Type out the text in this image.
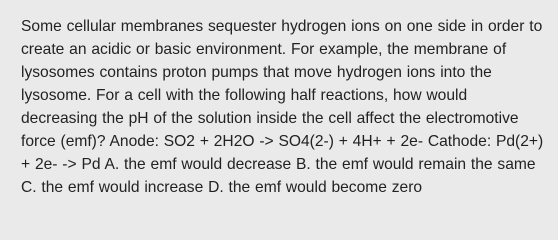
Some cellular membranes sequester hydrogen ions on one side in order to create an acidic or basic environment. For example, the membrane of lysosomes contains proton pumps that move hydrogen ions into the lysosome. For a cell with the following half reactions, how would decreasing the pH of the solution inside the cell affect the electromotive force (emf)? Anode: SO2 + 2H2O -> SO4(2-) + 4H+ + 2e- Cathode: Pd(2+) + 2e- -> Pd A. the emf would decrease B. the emf would remain the same C. the emf would increase D. the emf would become zero
